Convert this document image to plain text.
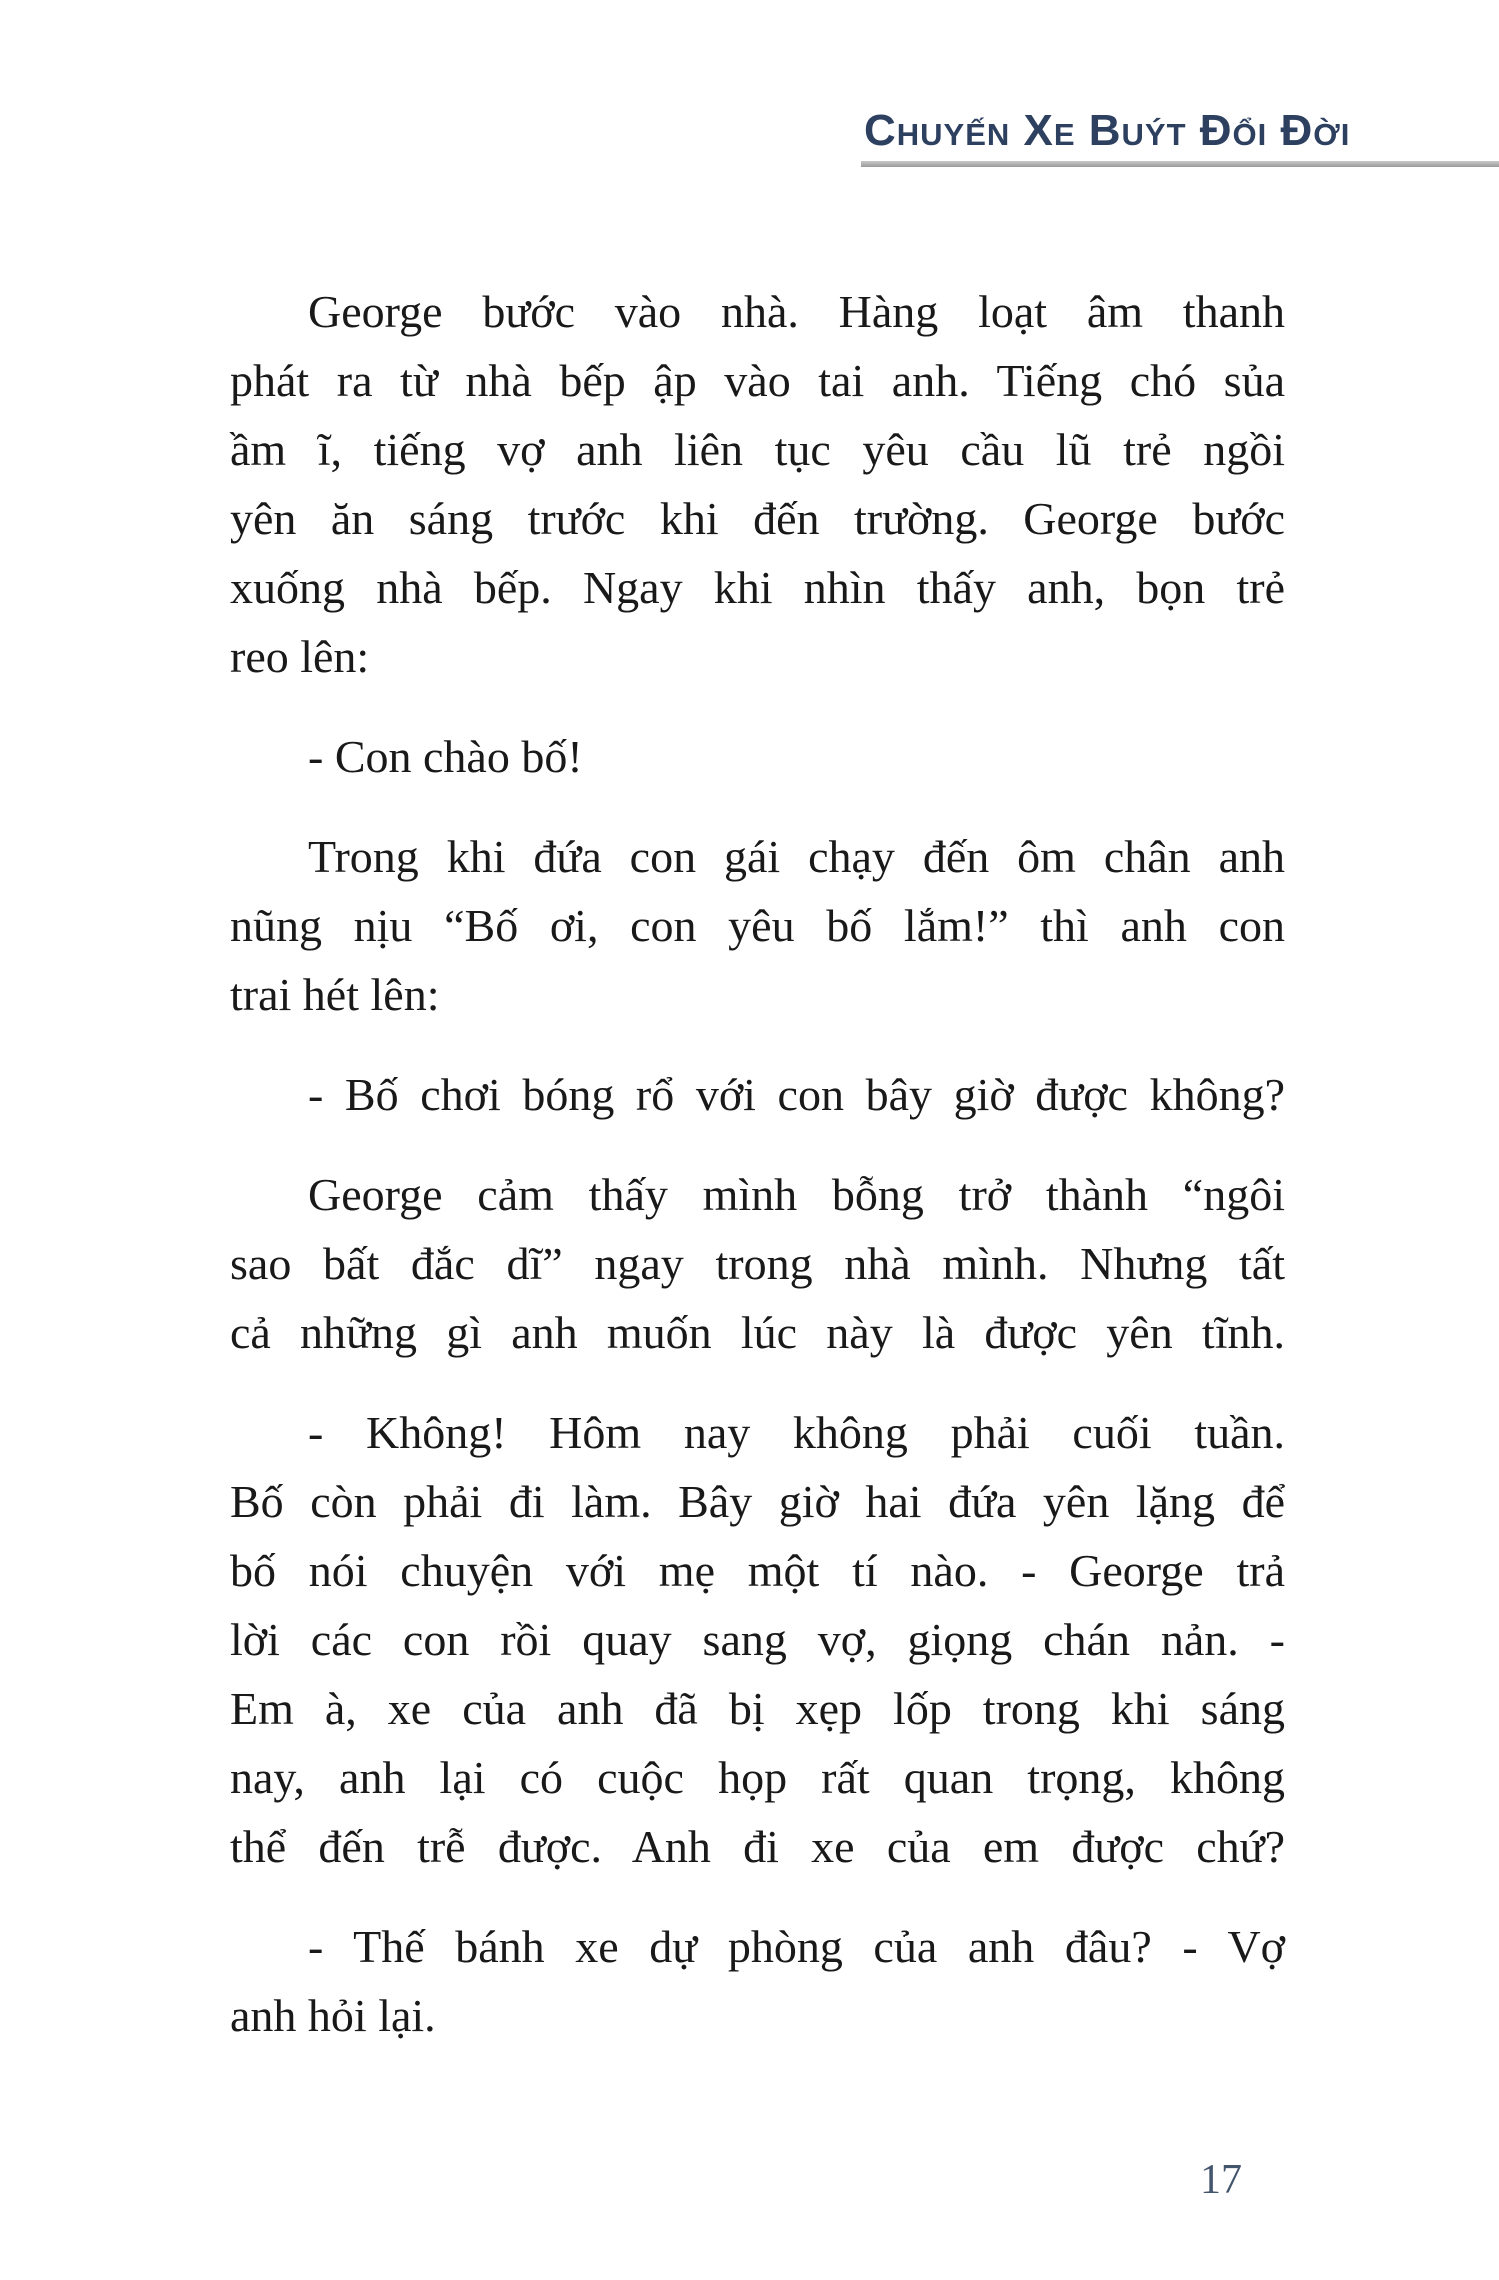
Chuyến Xe Buýt Đổi Đời

George bước vào nhà. Hàng loạt âm thanh
phát ra từ nhà bếp ập vào tai anh. Tiếng chó sủa
ầm ĩ, tiếng vợ anh liên tục yêu cầu lũ trẻ ngồi
yên ăn sáng trước khi đến trường. George bước
xuống nhà bếp. Ngay khi nhìn thấy anh, bọn trẻ
reo lên:

- Con chào bố!

Trong khi đứa con gái chạy đến ôm chân anh
nũng nịu “Bố ơi, con yêu bố lắm!” thì anh con
trai hét lên:

- Bố chơi bóng rổ với con bây giờ được không?

George cảm thấy mình bỗng trở thành “ngôi
sao bất đắc dĩ” ngay trong nhà mình. Nhưng tất
cả những gì anh muốn lúc này là được yên tĩnh.

- Không! Hôm nay không phải cuối tuần.
Bố còn phải đi làm. Bây giờ hai đứa yên lặng để
bố nói chuyện với mẹ một tí nào. - George trả
lời các con rồi quay sang vợ, giọng chán nản. -
Em à, xe của anh đã bị xẹp lốp trong khi sáng
nay, anh lại có cuộc họp rất quan trọng, không
thể đến trễ được. Anh đi xe của em được chứ?

- Thế bánh xe dự phòng của anh đâu? - Vợ
anh hỏi lại.

17
